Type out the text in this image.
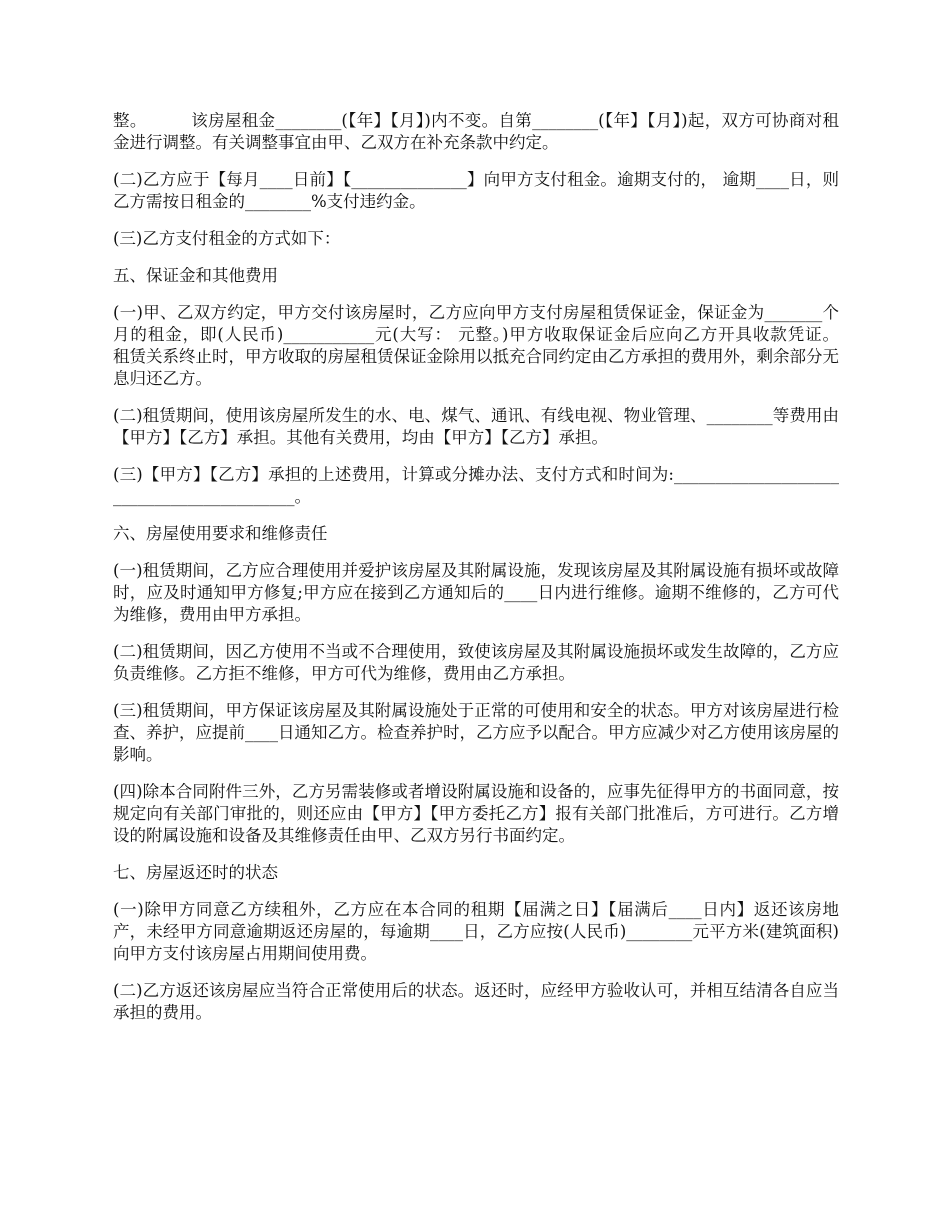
整。        该房屋租金________(【年】【月】)内不变。自第________(【年】【月】)起，双方可协商对租金进行调整。有关调整事宜由甲、乙双方在补充条款中约定。

(二)乙方应于【每月____日前】【______________】向甲方支付租金。逾期支付的， 逾期____日，则乙方需按日租金的________%支付违约金。

(三)乙方支付租金的方式如下：

五、保证金和其他费用

(一)甲、乙双方约定，甲方交付该房屋时，乙方应向甲方支付房屋租赁保证金，保证金为_______个月的租金，即(人民币)___________元(大写： 元整。)甲方收取保证金后应向乙方开具收款凭证。        租赁关系终止时，甲方收取的房屋租赁保证金除用以抵充合同约定由乙方承担的费用外，剩余部分无息归还乙方。

(二)租赁期间，使用该房屋所发生的水、电、煤气、通讯、有线电视、物业管理、________等费用由【甲方】【乙方】承担。其他有关费用，均由【甲方】【乙方】承担。

(三)【甲方】【乙方】承担的上述费用，计算或分摊办法、支付方式和时间为:__________________________________________。

六、房屋使用要求和维修责任

(一)租赁期间，乙方应合理使用并爱护该房屋及其附属设施，发现该房屋及其附属设施有损坏或故障时，应及时通知甲方修复;甲方应在接到乙方通知后的____日内进行维修。逾期不维修的，乙方可代为维修，费用由甲方承担。

(二)租赁期间，因乙方使用不当或不合理使用，致使该房屋及其附属设施损坏或发生故障的，乙方应负责维修。乙方拒不维修，甲方可代为维修，费用由乙方承担。

(三)租赁期间，甲方保证该房屋及其附属设施处于正常的可使用和安全的状态。甲方对该房屋进行检查、养护，应提前____日通知乙方。检查养护时，乙方应予以配合。甲方应减少对乙方使用该房屋的影响。

(四)除本合同附件三外，乙方另需装修或者增设附属设施和设备的，应事先征得甲方的书面同意，按规定向有关部门审批的，则还应由【甲方】【甲方委托乙方】报有关部门批准后，方可进行。乙方增设的附属设施和设备及其维修责任由甲、乙双方另行书面约定。

七、房屋返还时的状态

(一)除甲方同意乙方续租外，乙方应在本合同的租期【届满之日】【届满后____日内】返还该房地产，未经甲方同意逾期返还房屋的，每逾期____日，乙方应按(人民币)________元平方米(建筑面积)向甲方支付该房屋占用期间使用费。

(二)乙方返还该房屋应当符合正常使用后的状态。返还时，应经甲方验收认可，并相互结清各自应当承担的费用。
